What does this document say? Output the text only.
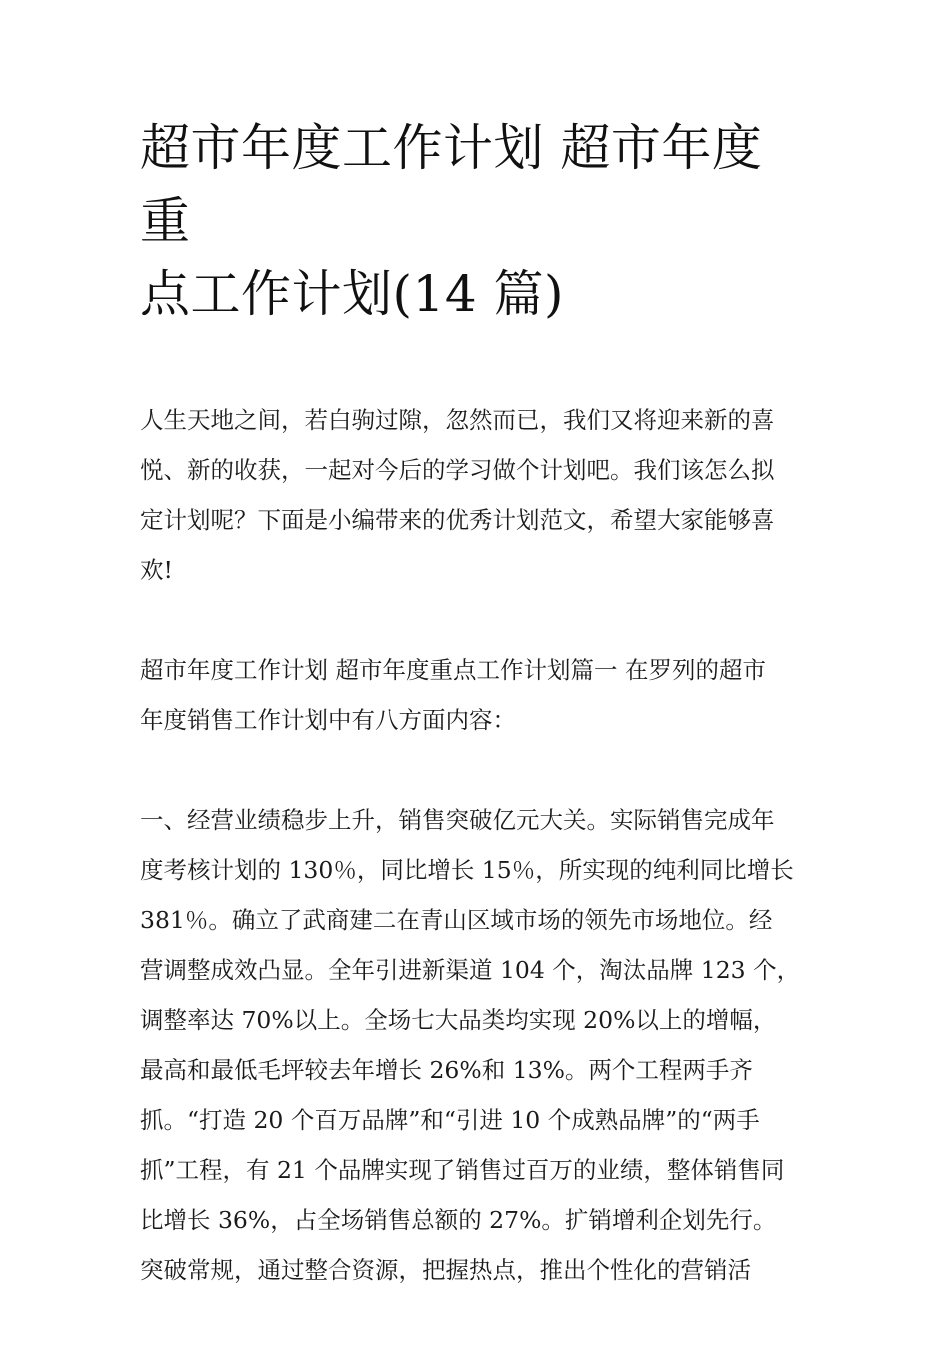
超市年度工作计划 超市年度重
点工作计划(14 篇)

人生天地之间，若白驹过隙，忽然而已，我们又将迎来新的喜
悦、新的收获，一起对今后的学习做个计划吧。我们该怎么拟
定计划呢？下面是小编带来的优秀计划范文，希望大家能够喜
欢!

超市年度工作计划 超市年度重点工作计划篇一 在罗列的超市
年度销售工作计划中有八方面内容：

一、经营业绩稳步上升，销售突破亿元大关。实际销售完成年
度考核计划的 130％，同比增长 15％，所实现的纯利同比增长
381％。确立了武商建二在青山区域市场的领先市场地位。经
营调整成效凸显。全年引进新渠道 104 个，淘汰品牌 123 个，
调整率达 70%以上。全场七大品类均实现 20%以上的增幅，
最高和最低毛坪较去年增长 26%和 13%。两个工程两手齐
抓。“打造 20 个百万品牌”和“引进 10 个成熟品牌”的“两手
抓”工程，有 21 个品牌实现了销售过百万的业绩，整体销售同
比增长 36%，占全场销售总额的 27%。扩销增利企划先行。
突破常规，通过整合资源，把握热点，推出个性化的营销活
